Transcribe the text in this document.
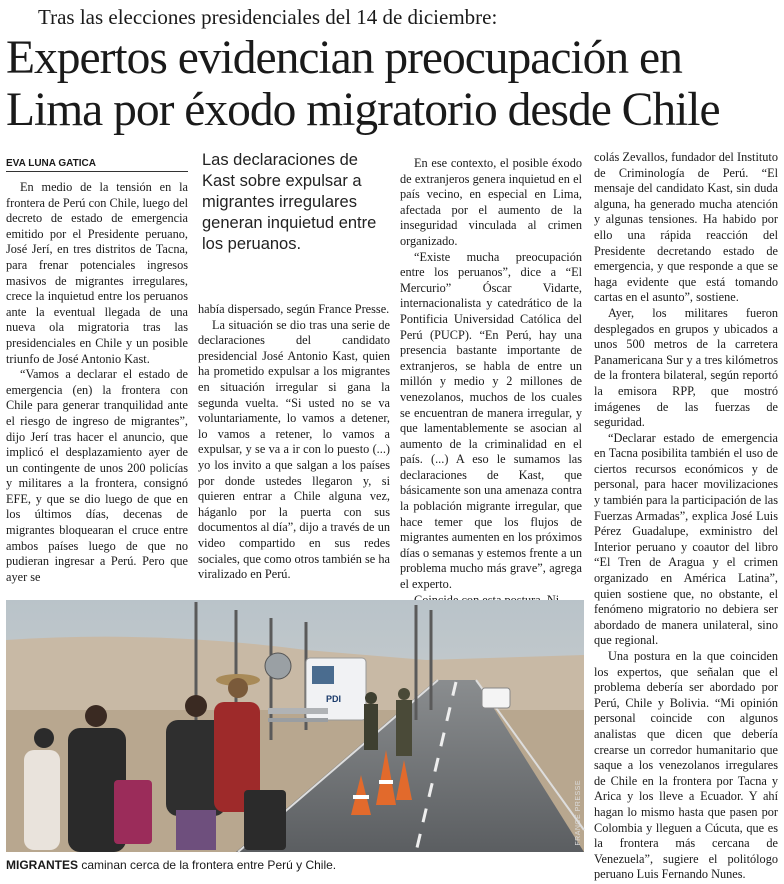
Tras las elecciones presidenciales del 14 de diciembre:
Expertos evidencian preocupación en
Lima por éxodo migratorio desde Chile
EVA LUNA GATICA	Las declaraciones de Kast sobre expulsar a migrantes irregulares generan inquietud entre los peruanos.

En medio de la tensión en la frontera de Perú con Chile, luego del decreto de estado de emergencia emitido por el Presidente peruano, José Jerí, en tres distritos de Tacna, para frenar potenciales ingresos masivos de migrantes irregulares, crece la inquietud entre los peruanos ante la eventual llegada de una nueva ola migratoria tras las presidenciales en Chile y un posible triunfo de José Antonio Kast.

“Vamos a declarar el estado de emergencia (en) la frontera con Chile para generar tranquilidad ante el riesgo de ingreso de migrantes”, dijo Jerí tras hacer el anuncio, que implicó el desplazamiento ayer de un contingente de unos 200 policías y militares a la frontera, consignó EFE, y que se dio luego de que en los últimos días, decenas de migrantes bloquearan el cruce entre ambos países luego de que no pudieran ingresar a Perú. Pero que ayer se

había dispersado, según France Presse.

La situación se dio tras una serie de declaraciones del candidato presidencial José Antonio Kast, quien ha prometido expulsar a los migrantes en situación irregular si gana la segunda vuelta. “Si usted no se va voluntariamente, lo vamos a detener, lo vamos a retener, lo vamos a expulsar, y se va a ir con lo puesto (...) yo los invito a que salgan a los países por donde ustedes llegaron y, si quieren entrar a Chile alguna vez, háganlo por la puerta con sus documentos al día”, dijo a través de un video compartido en sus redes sociales, que como otros también se ha viralizado en Perú.

En ese contexto, el posible éxodo de extranjeros genera inquietud en el país vecino, en especial en Lima, afectada por el aumento de la inseguridad vinculada al crimen organizado.

“Existe mucha preocupación entre los peruanos”, dice a “El Mercurio” Óscar Vidarte, internacionalista y catedrático de la Pontificia Universidad Católica del Perú (PUCP). “En Perú, hay una presencia bastante importante de extranjeros, se habla de entre un millón y medio y 2 millones de venezolanos, muchos de los cuales se encuentran de manera irregular, y que lamentablemente se asocian al aumento de la criminalidad en el país. (...) A eso le sumamos las declaraciones de Kast, que básicamente son una amenaza contra la población migrante irregular, que hace temer que los flujos de migrantes aumenten en los próximos días o semanas y estemos frente a un problema mucho más grave”, agrega el experto.

colás Zevallos, fundador del Instituto de Criminología de Perú. “El mensaje del candidato Kast, sin duda alguna, ha generado mucha atención y algunas tensiones. Ha habido por ello una rápida reacción del Presidente decretando estado de emergencia, y que responde a que se haga evidente que está tomando cartas en el asunto”, sostiene.

Ayer, los militares fueron desplegados en grupos y ubicados a unos 500 metros de la carretera Panamericana Sur y a tres kilómetros de la frontera bilateral, según reportó la emisora RPP, que mostró imágenes de las fuerzas de seguridad.

“Declarar estado de emergencia en Tacna posibilita también el uso de ciertos recursos económicos y de personal, para hacer movilizaciones y también para la participación de las Fuerzas Armadas”, explica José Luis Pérez Guadalupe, exministro del Interior peruano y coautor del libro “El Tren de Aragua y el crimen organizado en América Latina”, quien sostiene que, no obstante, el fenómeno migratorio no debiera ser abordado de manera unilateral, sino que regional.

Una postura en la que coinciden los expertos, que señalan que el problema debería ser abordado por Perú, Chile y Bolivia. “Mi opinión personal coincide con algunos analistas que dicen que debería crearse un corredor humanitario que saque a los venezolanos irregulares de Chile en la frontera por Tacna y Arica y los lleve a Ecuador. Y ahí hagan lo mismo hasta que pasen por Colombia y lleguen a Cúcuta, que es la frontera más cercana de Venezuela”, sugiere el politólogo peruano Luis Fernando Nunes.

PDI
FRANCE PRESSE
MIGRANTES caminan cerca de la frontera entre Perú y Chile.
